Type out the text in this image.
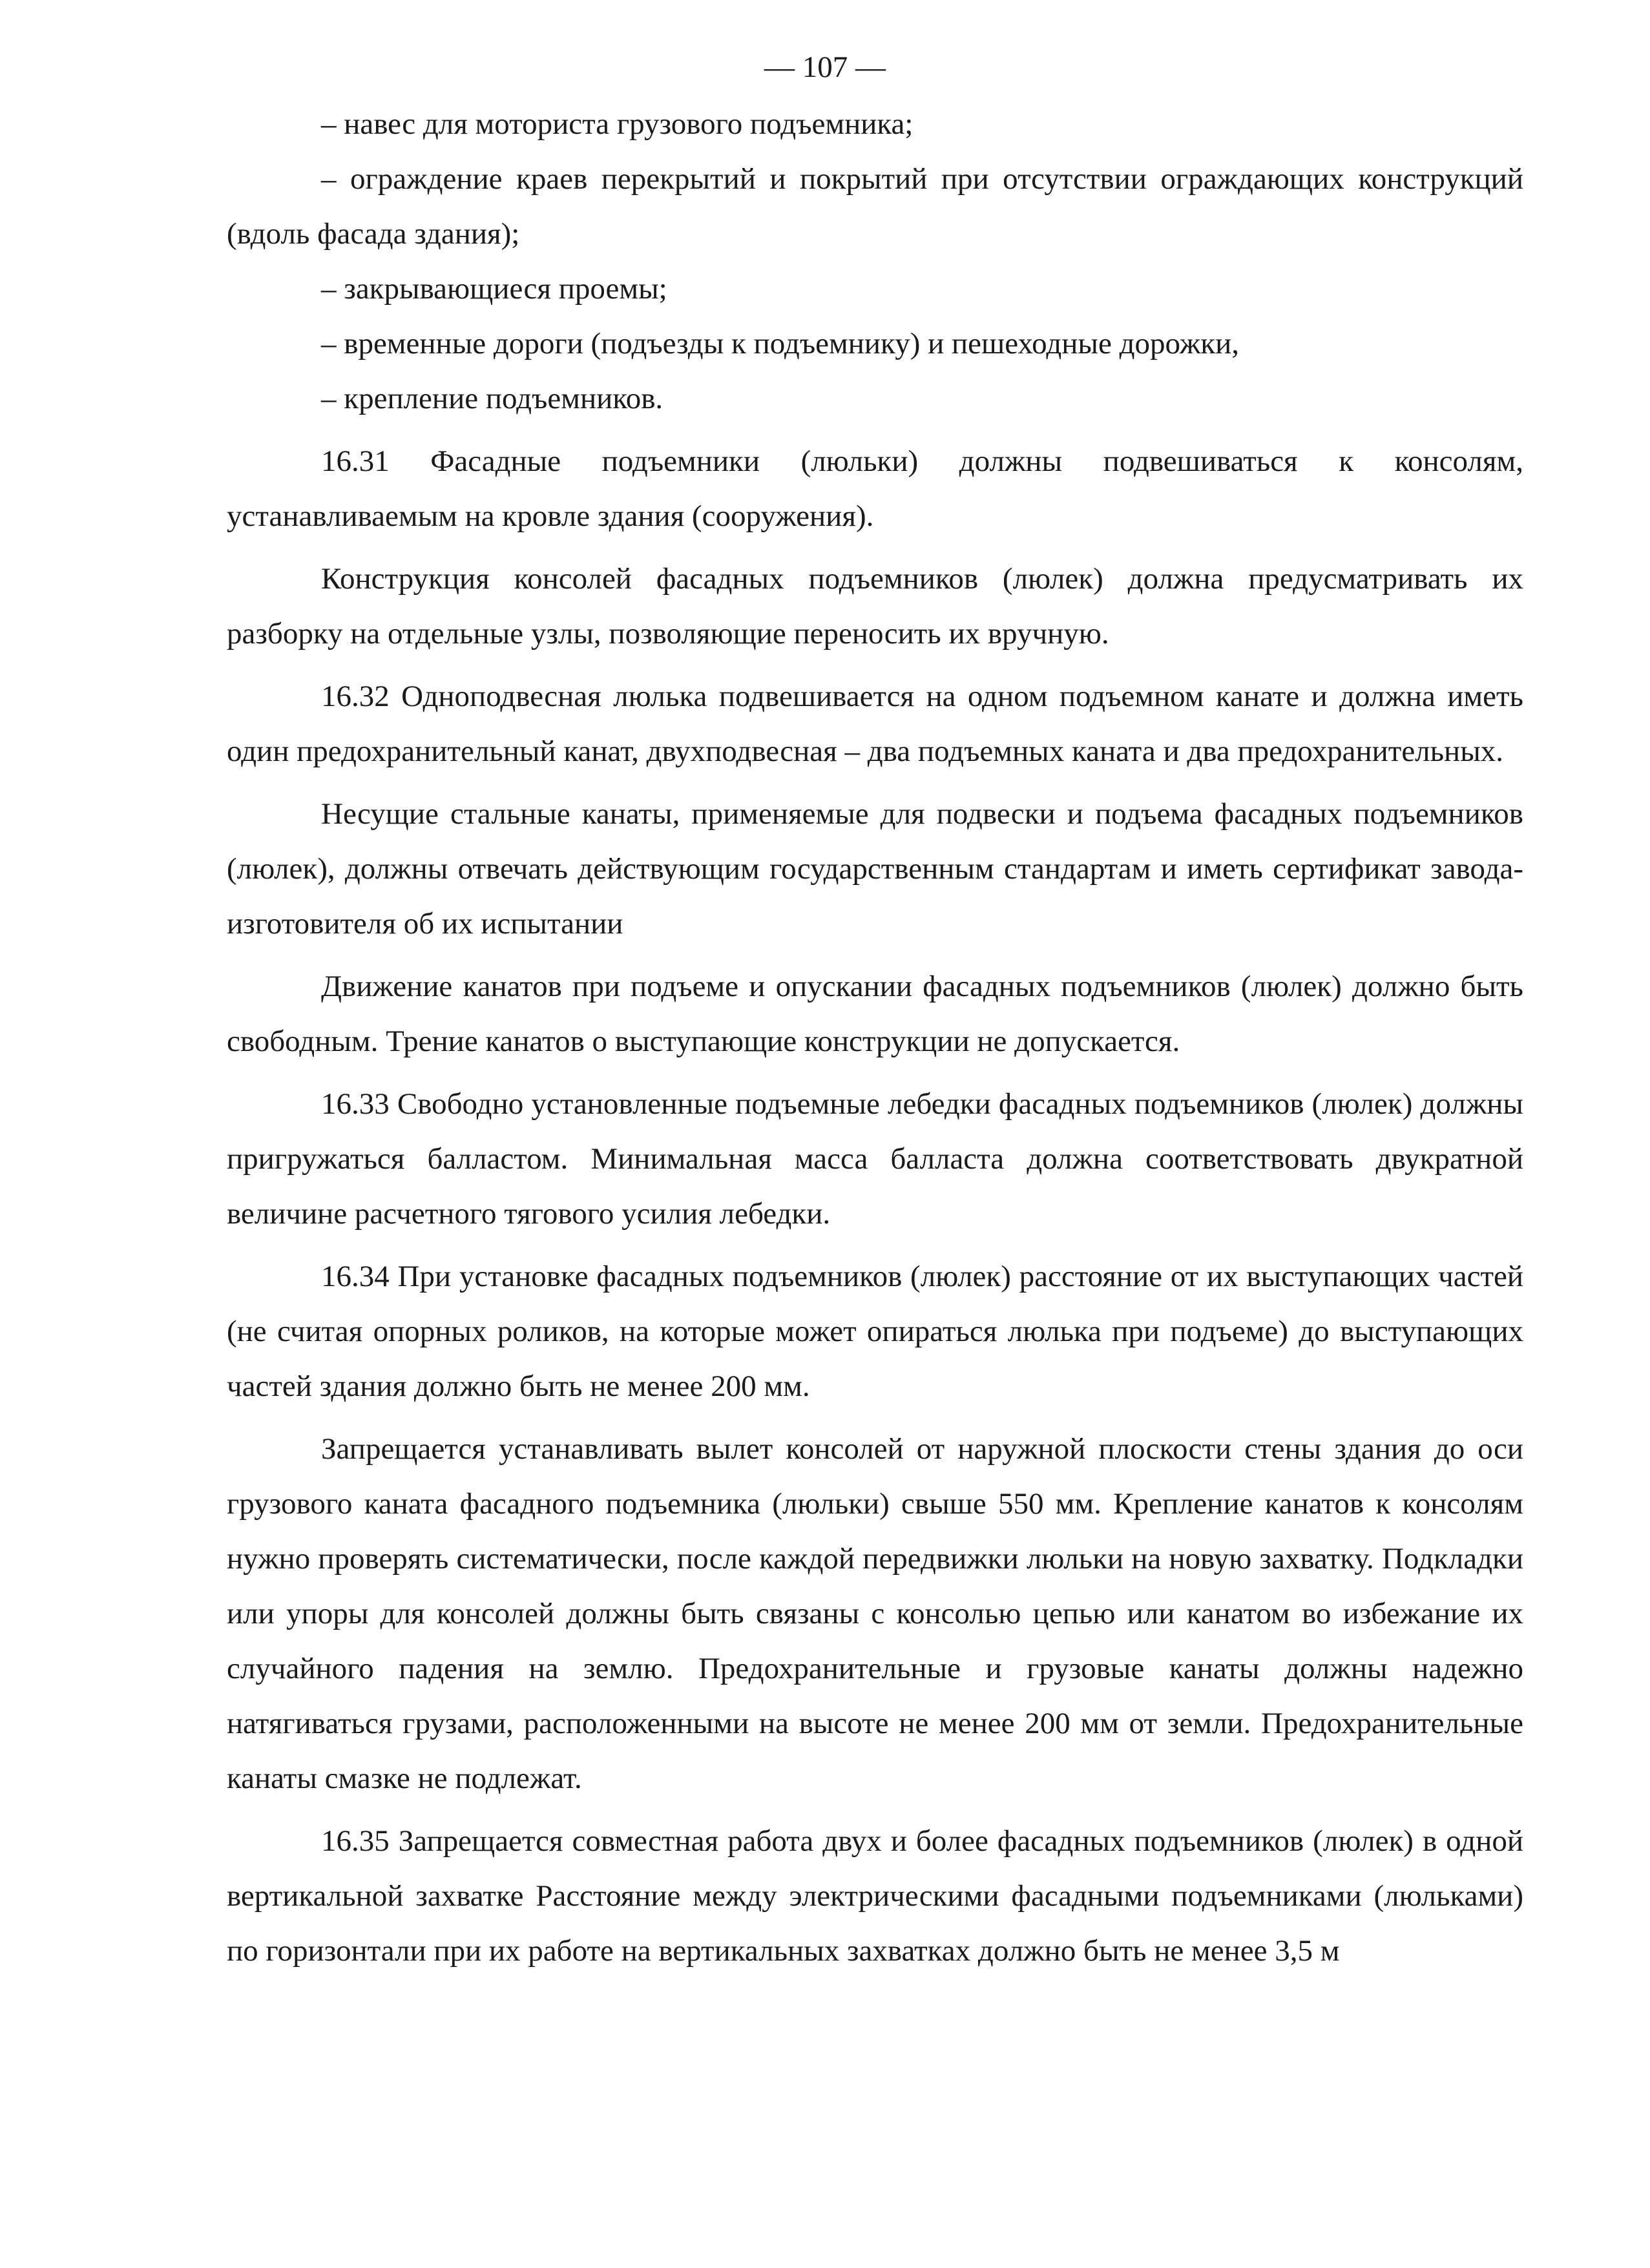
— 107 —

– навес для моториста грузового подъемника;

– ограждение краев перекрытий и покрытий при отсутствии ограждающих конструкций (вдоль фасада здания);

– закрывающиеся проемы;

– временные дороги (подъезды к подъемнику) и пешеходные дорожки,

– крепление подъемников.

16.31 Фасадные подъемники (люльки) должны подвешиваться к консолям, устанавливаемым на кровле здания (сооружения).

Конструкция консолей фасадных подъемников (люлек) должна предусматривать их разборку на отдельные узлы, позволяющие переносить их вручную.

16.32 Одноподвесная люлька подвешивается на одном подъемном канате и должна иметь один предохранительный канат, двухподвесная – два подъемных каната и два предохранительных.

Несущие стальные канаты, применяемые для подвески и подъема фасадных подъемников (люлек), должны отвечать действующим государственным стандартам и иметь сертификат завода-изготовителя об их испытании

Движение канатов при подъеме и опускании фасадных подъемников (люлек) должно быть свободным. Трение канатов о выступающие конструкции не допускается.

16.33 Свободно установленные подъемные лебедки фасадных подъемников (люлек) должны пригружаться балластом. Минимальная масса балласта должна соответствовать двукратной величине расчетного тягового усилия лебедки.

16.34 При установке фасадных подъемников (люлек) расстояние от их выступающих частей (не считая опорных роликов, на которые может опираться люлька при подъеме) до выступающих частей здания должно быть не менее 200 мм.

Запрещается устанавливать вылет консолей от наружной плоскости стены здания до оси грузового каната фасадного подъемника (люльки) свыше 550 мм. Крепление канатов к консолям нужно проверять систематически, после каждой передвижки люльки на новую захватку. Подкладки или упоры для консолей должны быть связаны с консолью цепью или канатом во избежание их случайного падения на землю. Предохранительные и грузовые канаты должны надежно натягиваться грузами, расположенными на высоте не менее 200 мм от земли. Предохранительные канаты смазке не подлежат.

16.35 Запрещается совместная работа двух и более фасадных подъемников (люлек) в одной вертикальной захватке Расстояние между электрическими фасадными подъемниками (люльками) по горизонтали при их работе на вертикальных захватках должно быть не менее 3,5 м
